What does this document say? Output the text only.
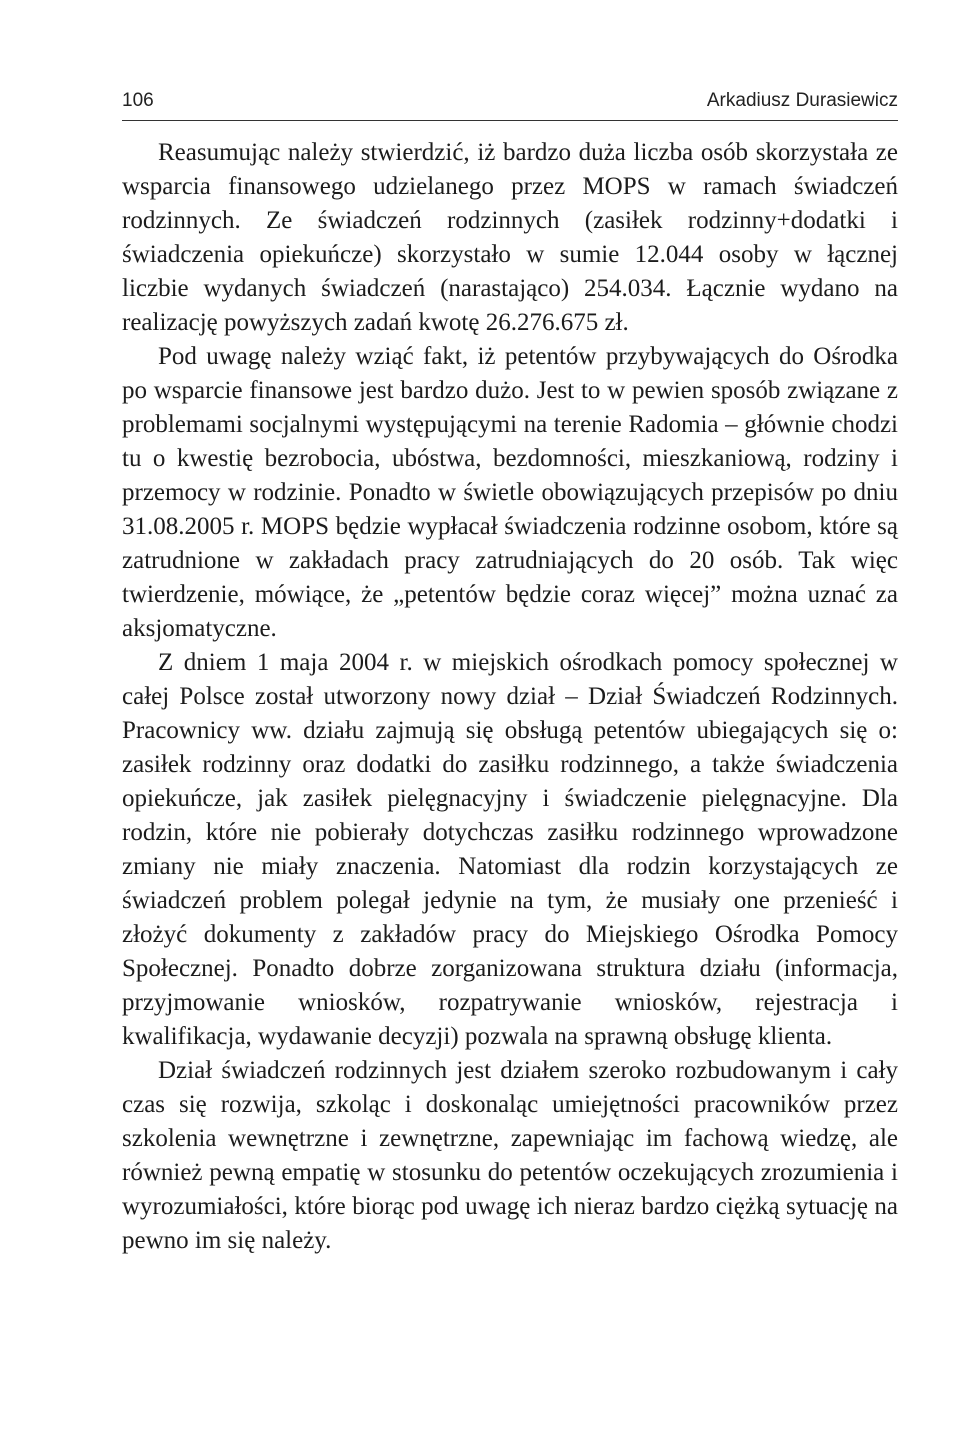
106	Arkadiusz Durasiewicz

Reasumując należy stwierdzić, iż bardzo duża liczba osób skorzystała ze wsparcia finansowego udzielanego przez MOPS w ramach świadczeń rodzinnych. Ze świadczeń rodzinnych (zasiłek rodzinny+dodatki i świadczenia opiekuńcze) skorzystało w sumie 12.044 osoby w łącznej liczbie wydanych świadczeń (narastająco) 254.034. Łącznie wydano na realizację powyższych zadań kwotę 26.276.675 zł.

Pod uwagę należy wziąć fakt, iż petentów przybywających do Ośrodka po wsparcie finansowe jest bardzo dużo. Jest to w pewien sposób związane z problemami socjalnymi występującymi na terenie Radomia – głównie chodzi tu o kwestię bezrobocia, ubóstwa, bezdomności, mieszkaniową, rodziny i przemocy w rodzinie. Ponadto w świetle obowiązujących przepisów po dniu 31.08.2005 r. MOPS będzie wypłacał świadczenia rodzinne osobom, które są zatrudnione w zakładach pracy zatrudniających do 20 osób. Tak więc twierdzenie, mówiące, że „petentów będzie coraz więcej” można uznać za aksjomatyczne.

Z dniem 1 maja 2004 r. w miejskich ośrodkach pomocy społecznej w całej Polsce został utworzony nowy dział – Dział Świadczeń Rodzinnych. Pracownicy ww. działu zajmują się obsługą petentów ubiegających się o: zasiłek rodzinny oraz dodatki do zasiłku rodzinnego, a także świadczenia opiekuńcze, jak zasiłek pielęgnacyjny i świadczenie pielęgnacyjne. Dla rodzin, które nie pobierały dotychczas zasiłku rodzinnego wprowadzone zmiany nie miały znaczenia. Natomiast dla rodzin korzystających ze świadczeń problem polegał jedynie na tym, że musiały one przenieść i złożyć dokumenty z zakładów pracy do Miejskiego Ośrodka Pomocy Społecznej. Ponadto dobrze zorganizowana struktura działu (informacja, przyjmowanie wniosków, rozpatrywanie wniosków, rejestracja i kwalifikacja, wydawanie decyzji) pozwala na sprawną obsługę klienta.

Dział świadczeń rodzinnych jest działem szeroko rozbudowanym i cały czas się rozwija, szkoląc i doskonaląc umiejętności pracowników przez szkolenia wewnętrzne i zewnętrzne, zapewniając im fachową wiedzę, ale również pewną empatię w stosunku do petentów oczekujących zrozumienia i wyrozumiałości, które biorąc pod uwagę ich nieraz bardzo ciężką sytuację na pewno im się należy.
